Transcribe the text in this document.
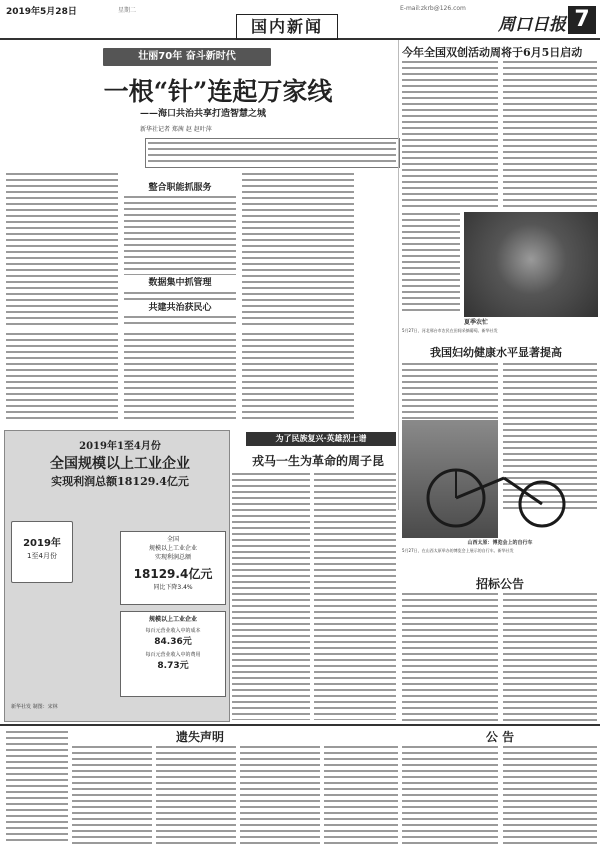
2019年5月28日	星期二	E-mail:zkrb@126.com
国内新闻	周口日报 7
壮丽70年 奋斗新时代
一根“针”连起万家线
——海口共治共享打造智慧之城
新华社记者 郑茜 赵 赵叶萍
整合职能抓服务
数据集中抓管理
共建共治获民心
今年全国双创活动周将于6月5日启动
夏季农忙
5月27日，河北邢台市农民在田间采摘葡萄。新华社发
我国妇幼健康水平显著提高
山西太原：博览会上的自行车
5月27日，在山西太原举办的博览会上展示的自行车。新华社发
为了民族复兴·英雄烈士谱
戎马一生为革命的周子昆
2019年1至4月份
全国规模以上工业企业
实现利润总额18129.4亿元
2019年
1至4月份
全国
规模以上工业企业
实现利润总额
18129.4亿元
同比下降3.4%
规模以上工业企业
每百元营业收入中的成本
84.36元
每百元营业收入中的费用
8.73元
新华社发 制图：宋林
遗失声明
招标公告
公 告
